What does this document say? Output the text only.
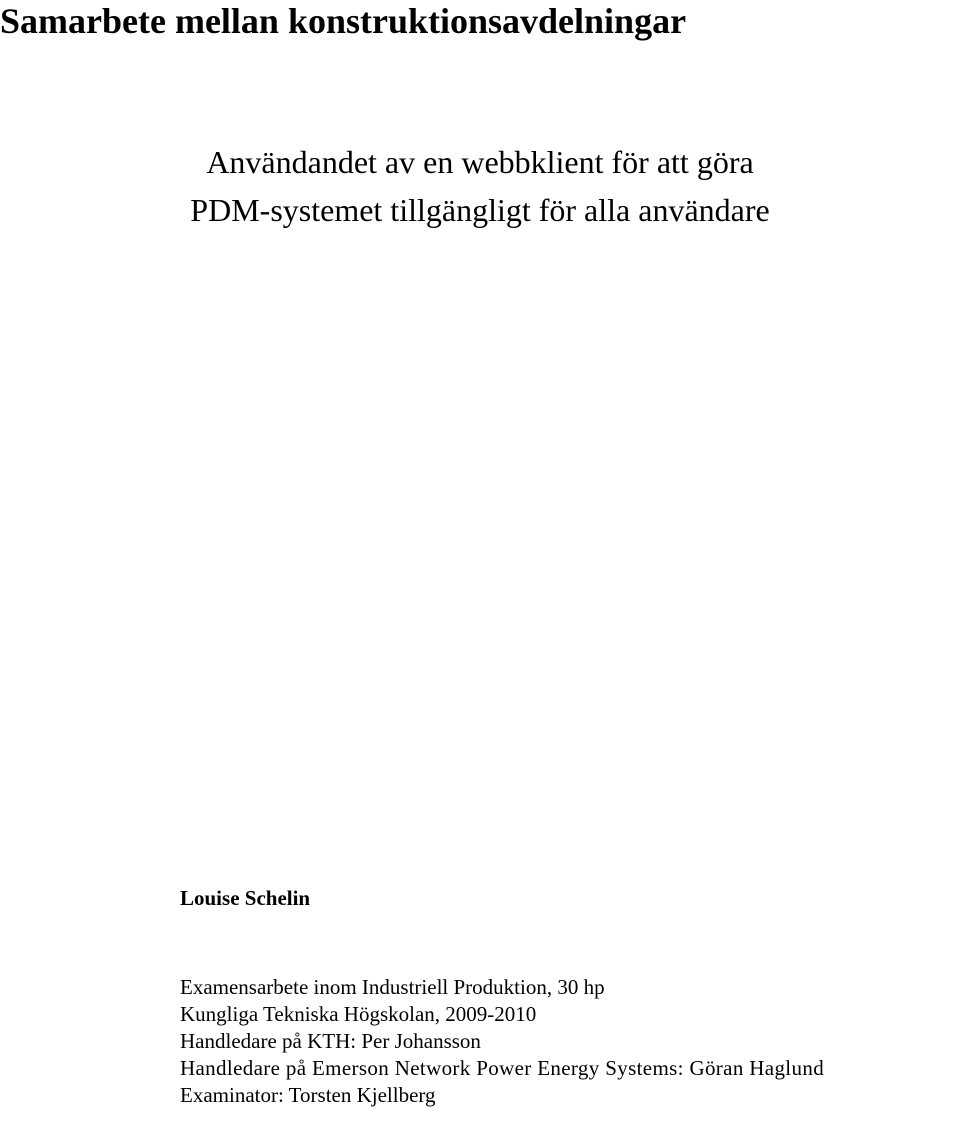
Samarbete mellan konstruktionsavdelningar
Användandet av en webbklient för att göra
PDM-systemet tillgängligt för alla användare

Louise Schelin

Examensarbete inom Industriell Produktion, 30 hp
Kungliga Tekniska Högskolan, 2009-2010
Handledare på KTH: Per Johansson
Handledare på Emerson Network Power Energy Systems: Göran Haglund
Examinator: Torsten Kjellberg
